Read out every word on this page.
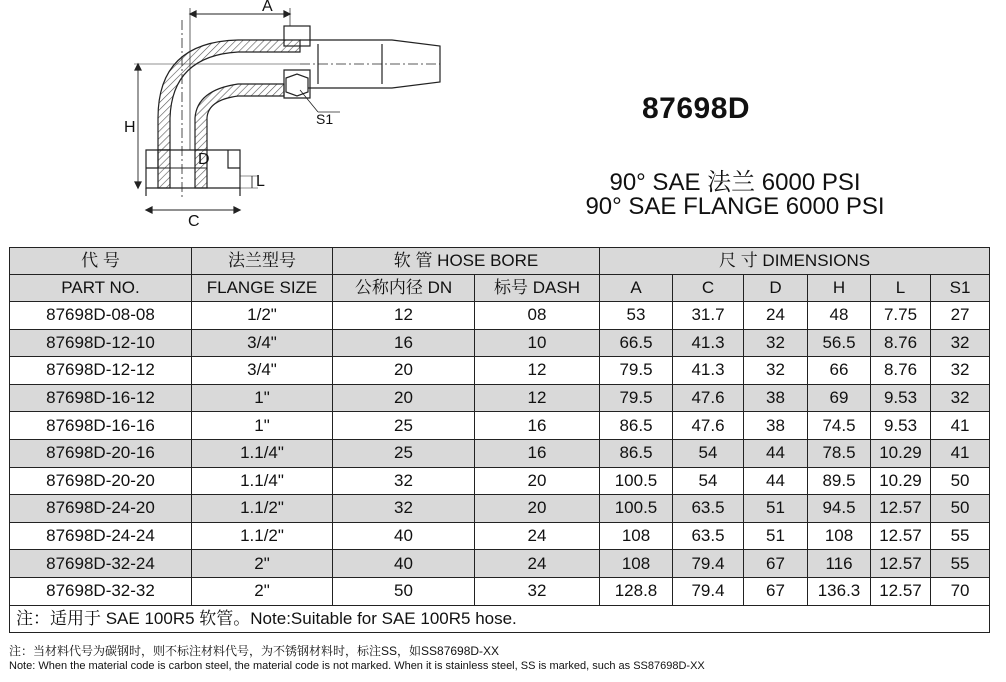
A
H
D
L
C
S1	87698D
90° SAE 法兰 6000 PSI
90° SAE FLANGE 6000 PSI
代 号	法兰型号	软 管 HOSE BORE		尺 寸 DIMENSIONS					
PART NO.	FLANGE SIZE	公称内径 DN	标号 DASH	A	C	D	H	L	S1
87698D-08-08	1/2"	12	08	53	31.7	24	48	7.75	27
87698D-12-10	3/4"	16	10	66.5	41.3	32	56.5	8.76	32
87698D-12-12	3/4"	20	12	79.5	41.3	32	66	8.76	32
87698D-16-12	1"	20	12	79.5	47.6	38	69	9.53	32
87698D-16-16	1"	25	16	86.5	47.6	38	74.5	9.53	41
87698D-20-16	1.1/4"	25	16	86.5	54	44	78.5	10.29	41
87698D-20-20	1.1/4"	32	20	100.5	54	44	89.5	10.29	50
87698D-24-20	1.1/2"	32	20	100.5	63.5	51	94.5	12.57	50
87698D-24-24	1.1/2"	40	24	108	63.5	51	108	12.57	55
87698D-32-24	2"	40	24	108	79.4	67	116	12.57	55
87698D-32-32	2"	50	32	128.8	79.4	67	136.3	12.57	70
注：适用于 SAE 100R5 软管。Note:Suitable for SAE 100R5 hose.									
注：当材料代号为碳钢时，则不标注材料代号，为不锈钢材料时，标注SS，如SS87698D-XX
Note: When the material code is carbon steel, the material code is not marked. When it is stainless steel, SS is marked, such as SS87698D-XX
